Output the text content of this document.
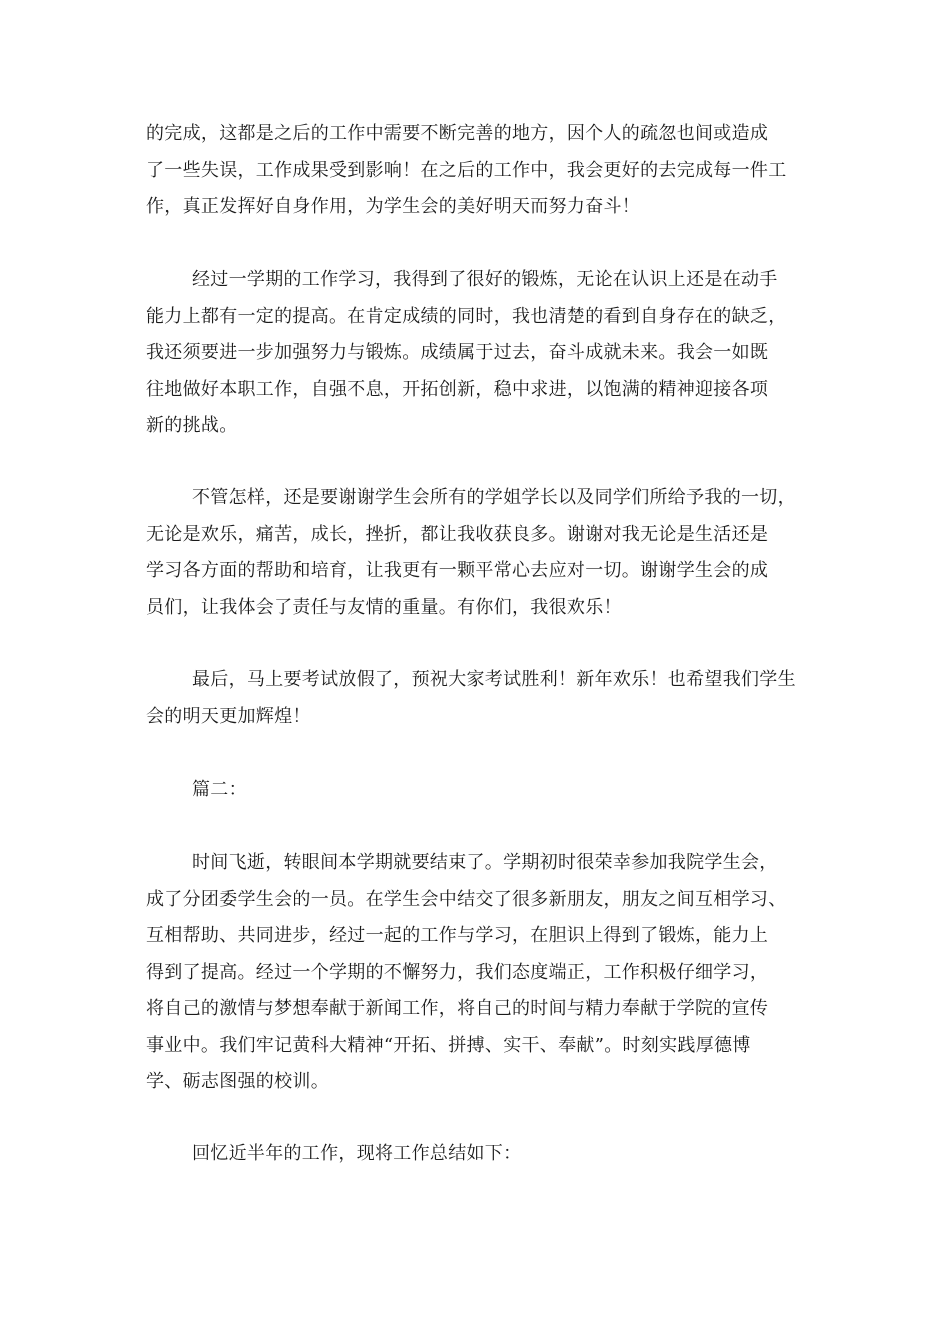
的完成，这都是之后的工作中需要不断完善的地方，因个人的疏忽也间或造成
了一些失误，工作成果受到影响！在之后的工作中，我会更好的去完成每一件工
作，真正发挥好自身作用，为学生会的美好明天而努力奋斗！
经过一学期的工作学习，我得到了很好的锻炼，无论在认识上还是在动手
能力上都有一定的提高。在肯定成绩的同时，我也清楚的看到自身存在的缺乏，
我还须要进一步加强努力与锻炼。成绩属于过去，奋斗成就未来。我会一如既
往地做好本职工作，自强不息，开拓创新，稳中求进，以饱满的精神迎接各项
新的挑战。
不管怎样，还是要谢谢学生会所有的学姐学长以及同学们所给予我的一切，
无论是欢乐，痛苦，成长，挫折，都让我收获良多。谢谢对我无论是生活还是
学习各方面的帮助和培育，让我更有一颗平常心去应对一切。谢谢学生会的成
员们，让我体会了责任与友情的重量。有你们，我很欢乐！
最后，马上要考试放假了，预祝大家考试胜利！新年欢乐！也希望我们学生
会的明天更加辉煌！
篇二：
时间飞逝，转眼间本学期就要结束了。学期初时很荣幸参加我院学生会，
成了分团委学生会的一员。在学生会中结交了很多新朋友，朋友之间互相学习、
互相帮助、共同进步，经过一起的工作与学习，在胆识上得到了锻炼，能力上
得到了提高。经过一个学期的不懈努力，我们态度端正，工作积极仔细学习，
将自己的激情与梦想奉献于新闻工作，将自己的时间与精力奉献于学院的宣传
事业中。我们牢记黄科大精神“开拓、拼搏、实干、奉献”。时刻实践厚德博
学、砺志图强的校训。
回忆近半年的工作，现将工作总结如下：
